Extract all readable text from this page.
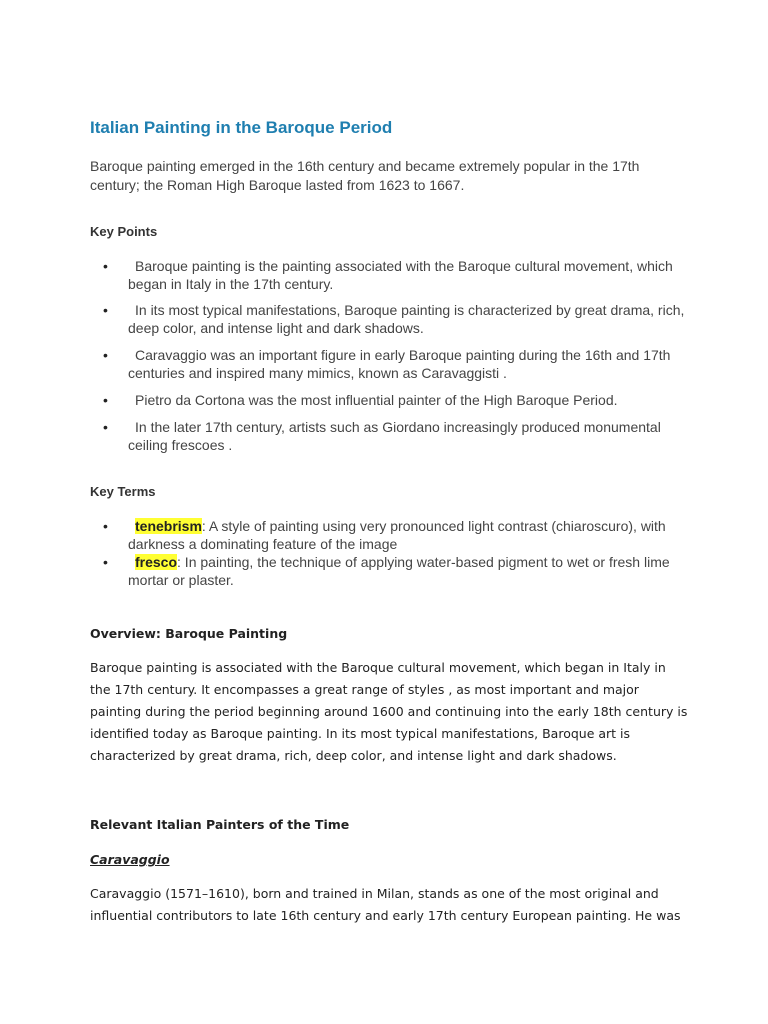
Italian Painting in the Baroque Period

Baroque painting emerged in the 16th century and became extremely popular in the 17th century; the Roman High Baroque lasted from 1623 to 1667.

Key Points
•	Baroque painting is the painting associated with the Baroque cultural movement, which began in Italy in the 17th century.
•	In its most typical manifestations, Baroque painting is characterized by great drama, rich, deep color, and intense light and dark shadows.
•	Caravaggio was an important figure in early Baroque painting during the 16th and 17th centuries and inspired many mimics, known as Caravaggisti .
•	Pietro da Cortona was the most influential painter of the High Baroque Period.
•	In the later 17th century, artists such as Giordano increasingly produced monumental ceiling frescoes .
Key Terms
•	tenebrism: A style of painting using very pronounced light contrast (chiaroscuro), with darkness a dominating feature of the image
•	fresco: In painting, the technique of applying water-based pigment to wet or fresh lime mortar or plaster.
Overview: Baroque Painting

Baroque painting is associated with the Baroque cultural movement, which began in Italy in the 17th century. It encompasses a great range of styles , as most important and major painting during the period beginning around 1600 and continuing into the early 18th century is identified today as Baroque painting. In its most typical manifestations, Baroque art is characterized by great drama, rich, deep color, and intense light and dark shadows.

Relevant Italian Painters of the Time
Caravaggio

Caravaggio (1571–1610), born and trained in Milan, stands as one of the most original and influential contributors to late 16th century and early 17th century European painting. He was
